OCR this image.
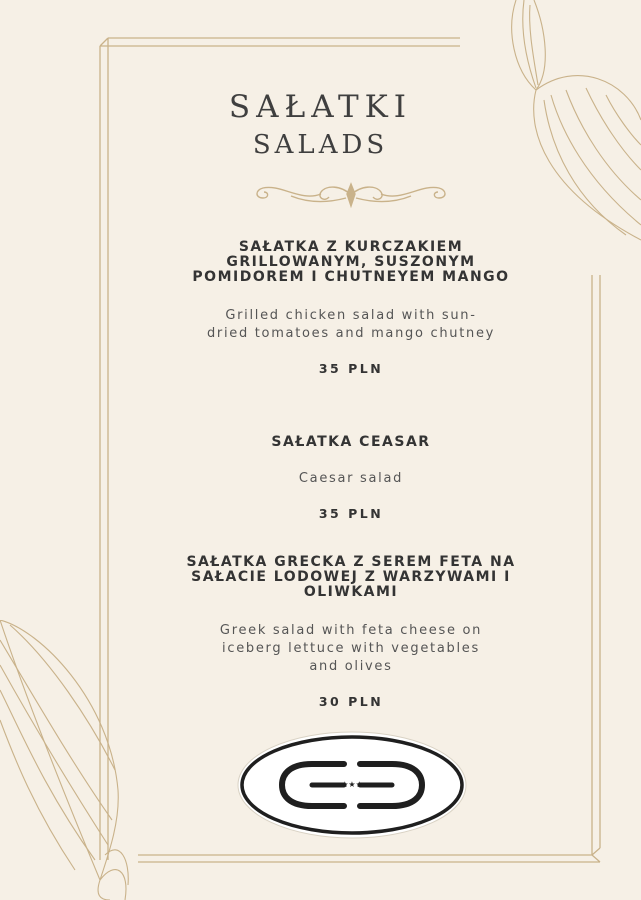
SAŁATKI
SALADS
SAŁATKA Z KURCZAKIEM GRILLOWANYM, SUSZONYM POMIDOREM I CHUTNEYEM MANGO
Grilled chicken salad with sun-dried tomatoes and mango chutney
35 PLN
SAŁATKA CEASAR
Caesar salad
35 PLN
SAŁATKA GRECKA Z SEREM FETA NA SAŁACIE LODOWEJ Z WARZYWAMI I OLIWKAMI
Greek salad with feta cheese on iceberg lettuce with vegetables and olives
30 PLN
★★★
